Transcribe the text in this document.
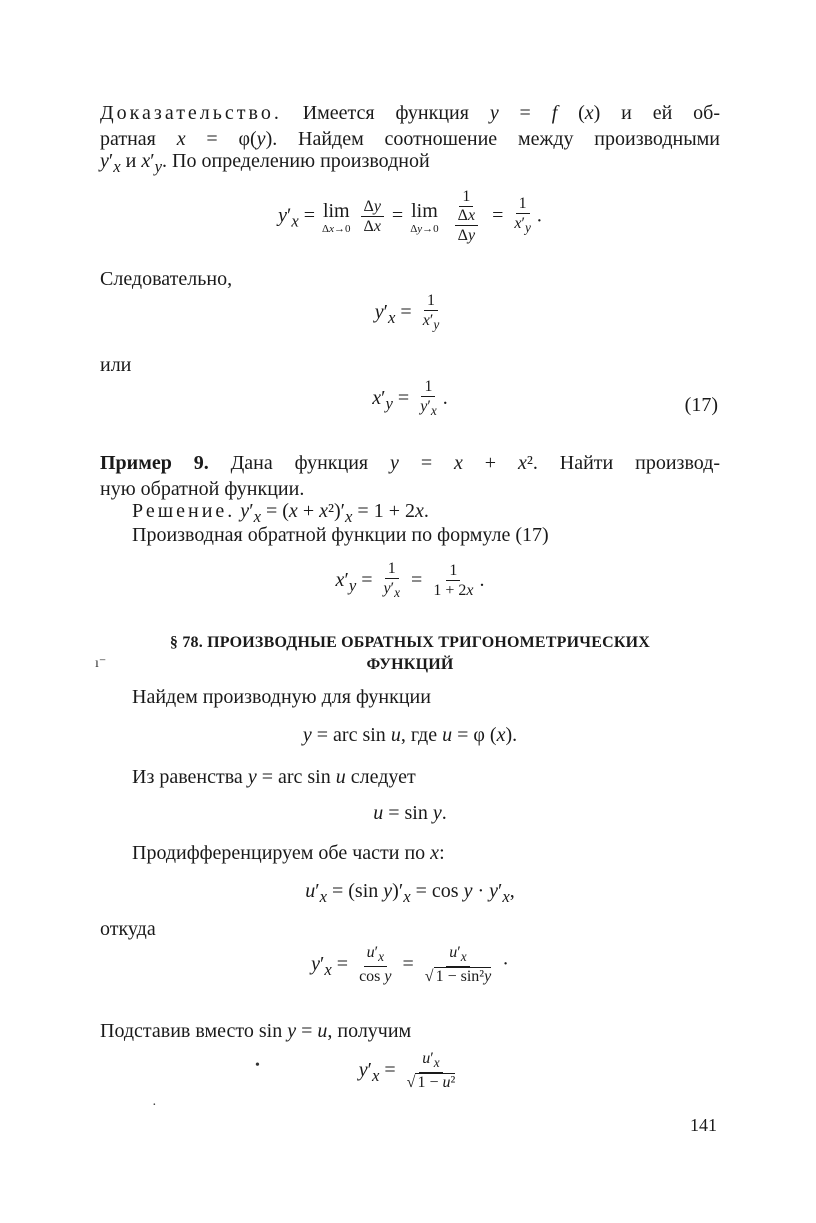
Доказательство. Имеется функция y = f (x) и ей об-
ратная x = φ(y). Найдем соотношение между производными
$y'_x$ и $x'_y$. По определению производной
$y'_x = \lim$
Δx→0
$\frac{\Delta y}{\Delta x} = \lim$
Δy→0
$\frac{1}{\frac{\Delta x}{\Delta y}} = \frac{1}{x'_y}$ .
Следовательно,
$y'_x = \frac{1}{x'_y}$
или
$x'_y = \frac{1}{y'_x}$ .	(17)
Пример 9. Дана функция y = x + x². Найти производ-
ную обратной функции.
Решение. $y'_x = (x + x^2)'_x = 1 + 2x$.
Производная обратной функции по формуле (17)
$x'_y = \frac{1}{y'_x} = \frac{1}{1 + 2x}$ .
§ 78. ПРОИЗВОДНЫЕ ОБРАТНЫХ ТРИГОНОМЕТРИЧЕСКИХ
ФУНКЦИЙ
ı⁻
Найдем производную для функции
y = arc sin u, где u = φ (x).
Из равенства y = arc sin u следует
u = sin y.
Продифференцируем обе части по x:
$u'_x = (\sin$ $y)'_x = \cos y \cdot y'_x$,
откуда
$y'_x = \frac{u'_x}{\text{cos y}} = \frac{u'_x}{\text{√ 1 − sin²y}}$ ·
Подставив вместо sin y = u, получим
$y'_x = \frac{u'_x}{\text{√ 1 − u²}}$
•
·
141
